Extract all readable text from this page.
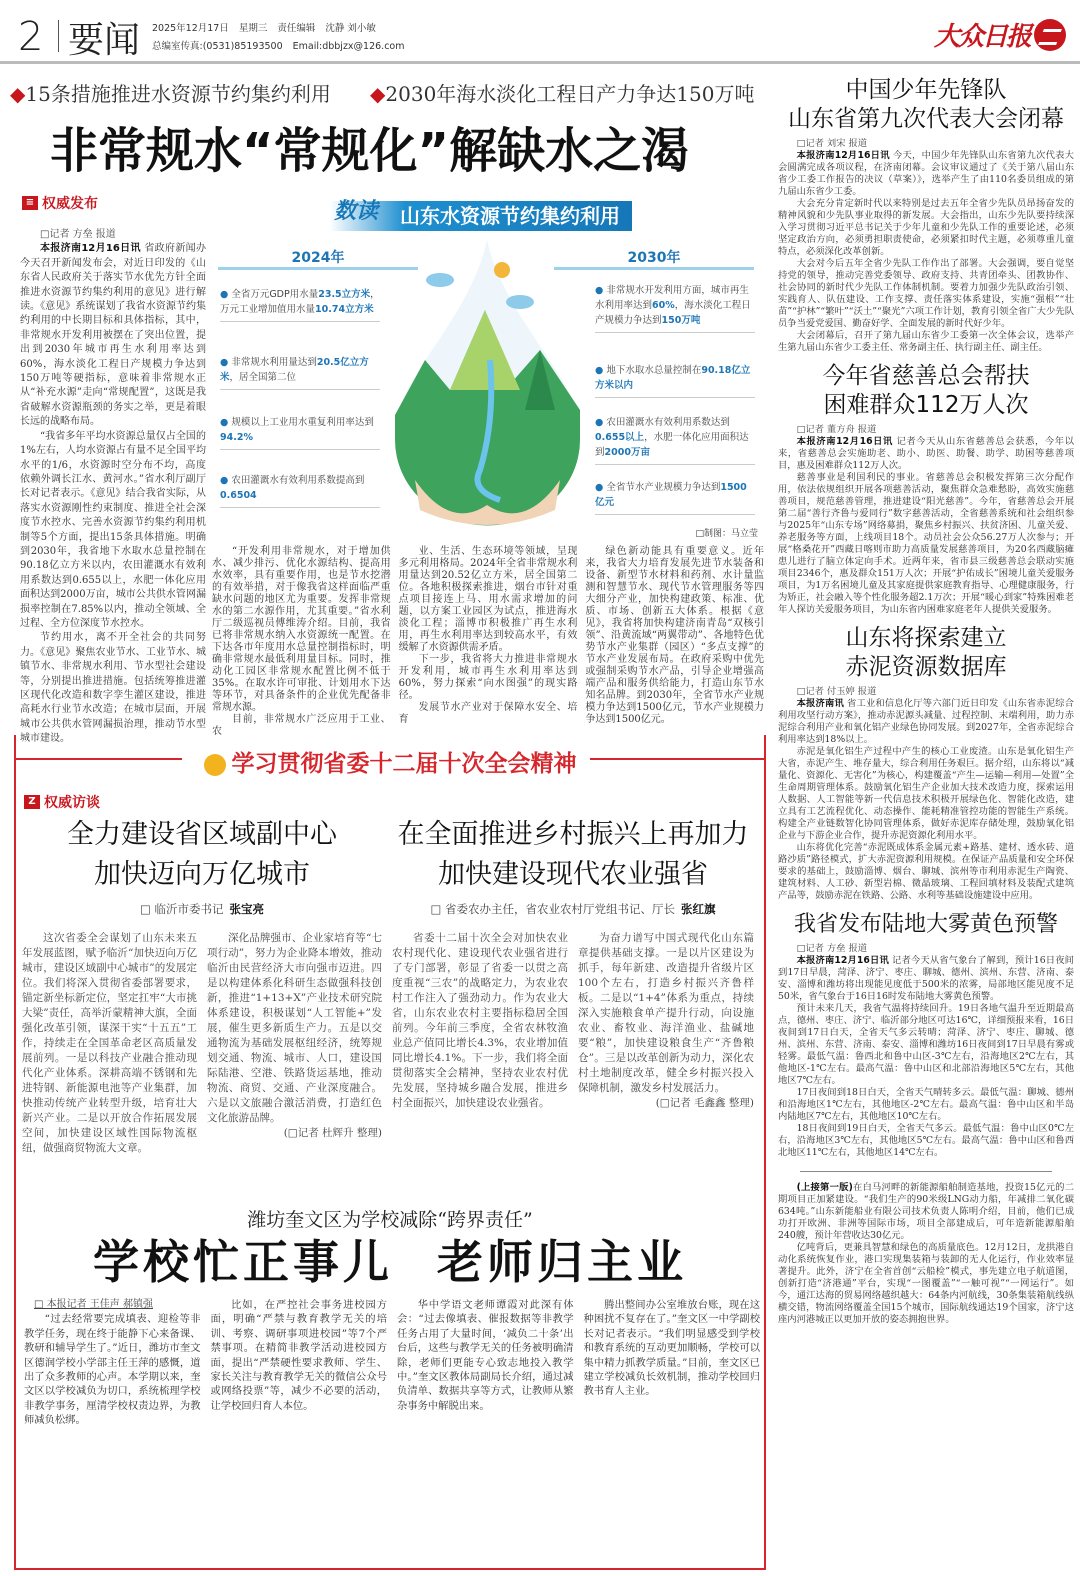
2 要闻 2025年12月17日 星期三 责任编辑 沈静 刘小敏
总编室传真:(0531)85193500 Email:dbbjzx@126.com	大众日报
◆15条措施推进水资源节约集约利用 ◆2030年海水淡化工程日产力争达150万吨
非常规水“常规化”解缺水之渴
≡ 权威发布
□记者 方垒 报道

本报济南12月16日讯 省政府新闻办今天召开新闻发布会，对近日印发的《山东省人民政府关于落实节水优先方针全面推进水资源节约集约利用的意见》进行解读。《意见》系统谋划了我省水资源节约集约利用的中长期目标和具体指标，其中，非常规水开发利用被摆在了突出位置，提出到2030年城市再生水利用率达到60%，海水淡化工程日产规模力争达到150万吨等硬指标，意味着非常规水正从“补充水源”走向“常规配置”，这既是我省破解水资源瓶颈的务实之举，更是着眼长远的战略布局。

“我省多年平均水资源总量仅占全国的1%左右，人均水资源占有量不足全国平均水平的1/6，水资源时空分布不均，高度依赖外调长江水、黄河水。”省水利厅副厅长对记者表示。《意见》结合我省实际，从落实水资源刚性约束制度、推进全社会深度节水控水、完善水资源节约集约利用机制等5个方面，提出15条具体措施。明确到2030年，我省地下水取水总量控制在90.18亿立方米以内，农田灌溉水有效利用系数达到0.655以上，水肥一体化应用面积达到2000万亩，城市公共供水管网漏损率控制在7.85%以内，推动全领域、全过程、全方位深度节水控水。

节约用水，离不开全社会的共同努力。《意见》聚焦农业节水、工业节水、城镇节水、非常规水利用、节水型社会建设等，分别提出推进措施。包括统筹推进灌区现代化改造和数字孪生灌区建设，推进高耗水行业节水改造；在城市层面，开展城市公共供水管网漏损治理，推动节水型城市建设。

数读 山东水资源节约集约利用
2024年	2030年
● 全省万元GDP用水量23.5立方米，万元工业增加值用水量10.74立方米
● 非常规水利用量达到20.5亿立方米，居全国第二位
● 规模以上工业用水重复利用率达到94.2%
● 农田灌溉水有效利用系数提高到0.6504
● 非常规水开发利用方面，城市再生水利用率达到60%，海水淡化工程日产规模力争达到150万吨
● 地下水取水总量控制在90.18亿立方米以内
● 农田灌溉水有效利用系数达到0.655以上，水肥一体化应用面积达到2000万亩
● 全省节水产业规模力争达到1500亿元
□制图：马立莹

“开发利用非常规水，对于增加供水、减少排污、优化水源结构、提高用水效率，具有重要作用，也是节水挖潜的有效举措，对于像我省这样面临严重缺水问题的地区尤为重要。发挥非常规水的第二水源作用，尤其重要。”省水利厅二级巡视员傅维涛介绍。目前，我省已将非常规水纳入水资源统一配置。在下达各市年度用水总量控制指标时，明确非常规水最低利用量目标。同时，推动化工园区非常规水配置比例不低于35%。在取水许可审批、计划用水下达等环节，对具备条件的企业优先配备非常规水源。

目前，非常规水广泛应用于工业、农

业、生活、生态环境等领域，呈现多元利用格局。2024年全省非常规水利用量达到20.52亿立方米，居全国第二位。各地积极探索推进，烟台市针对重点项目接连上马、用水需求增加的问题，以方案工业园区为试点，推进海水淡化工程；淄博市积极推广再生水利用，再生水利用率达到较高水平，有效缓解了水资源供需矛盾。

下一步，我省将大力推进非常规水开发利用，城市再生水利用率达到60%，努力探索“向水图强”的现实路径。

发展节水产业对于保障水安全、培育

绿色新动能具有重要意义。近年来，我省大力培育发展先进节水装备和设备、新型节水材料和药剂、水计量监测和智慧节水、现代节水管理服务等四大细分产业，加快构建政策、标准、优质、市场、创新五大体系。根据《意见》，我省将加快构建济南青岛“双核引领”、沿黄流域“两翼带动”、各地特色优势节水产业集群（园区）“多点支撑”的节水产业发展布局。在政府采购中优先或强制采购节水产品，引导企业增强高端产品和服务供给能力，打造山东节水知名品牌。到2030年，全省节水产业规模力争达到1500亿元，节水产业规模力争达到1500亿元。

学习贯彻省委十二届十次全会精神
Z 权威访谈
全力建设省区域副中心
加快迈向万亿城市
□ 临沂市委书记 张宝亮

这次省委全会谋划了山东未来五年发展蓝图，赋予临沂“加快迈向万亿城市，建设区域副中心城市”的发展定位。我们将深入贯彻省委部署要求，锚定新坐标新定位，坚定扛牢“大市挑大梁”责任，高举沂蒙精神大旗，全面强化改革引领，谋深干实“十五五”工作，持续走在全国革命老区高质量发展前列。一是以科技产业融合推动现代化产业体系。深耕高端不锈钢和先进特钢、新能源电池等产业集群，加快推动传统产业转型升级，培育壮大新兴产业。二是以开放合作拓展发展空间，加快建设区域性国际物流枢纽，做强商贸物流大文章。

深化品牌强市、企业家培育等“七项行动”，努力为企业降本增效，推动临沂由民营经济大市向强市迈进。四是以构建体系化科研生态做强科技创新，推进“1+13+X”产业技术研究院体系建设，积极谋划“人工智能+”发展，催生更多新质生产力。五是以交通物流为基础发展枢纽经济，统筹规划交通、物流、城市、人口，建设国际陆港、空港、铁路货运基地，推动物流、商贸、交通、产业深度融合。六是以文旅融合激活消费，打造红色文化旅游品牌。

(□记者 杜辉升 整理)
在全面推进乡村振兴上再加力
加快建设现代农业强省
□ 省委农办主任，省农业农村厅党组书记、厅长 张红旗

省委十二届十次全会对加快农业农村现代化、建设现代农业强省进行了专门部署，彰显了省委一以贯之高度重视“三农”的战略定力，为农业农村工作注入了强劲动力。作为农业大省，山东农业农村主要指标稳居全国前列。今年前三季度，全省农林牧渔业总产值同比增长4.3%，农业增加值同比增长4.1%。下一步，我们将全面贯彻落实全会精神，坚持农业农村优先发展，坚持城乡融合发展，推进乡村全面振兴，加快建设农业强省。

为奋力谱写中国式现代化山东篇章提供基础支撑。一是以片区建设为抓手，每年新建、改造提升省级片区100个左右，打造乡村振兴齐鲁样板。二是以“1+4”体系为重点，持续深入实施粮食单产提升行动，向设施农业、畜牧业、海洋渔业、盐碱地要“粮”，加快建设粮食生产“齐鲁粮仓”。三是以改革创新为动力，深化农村土地制度改革，健全乡村振兴投入保障机制，激发乡村发展活力。

(□记者 毛鑫鑫 整理)
潍坊奎文区为学校减除“跨界责任”
学校忙正事儿 老师归主业
□ 本报记者 王佳声 郝镇强

“过去经常要完成填表、迎检等非教学任务，现在终于能静下心来备课、教研和辅导学生了。”近日，潍坊市奎文区德润学校小学部主任王萍的感慨，道出了众多教师的心声。本学期以来，奎文区以学校减负为切口，系统梳理学校非教学事务，厘清学校权责边界，为教师减负松绑。

比如，在严控社会事务进校园方面，明确“严禁与教育教学无关的培训、考察、调研事项进校园”等7个严禁事项。在精简非教学活动进校园方面，提出“严禁硬性要求教师、学生、家长关注与教育教学无关的微信公众号或网络投票”等，减少不必要的活动，让学校回归育人本位。

华中学语文老师谭霞对此深有体会：“过去像填表、催报数据等非教学任务占用了大量时间，‘减负二十条’出台后，这些与教学无关的任务被明确清除，老师们更能专心致志地投入教学中。”奎文区教体局副局长介绍，通过减负清单、数据共享等方式，让教师从繁杂事务中解脱出来。

腾出整间办公室堆放台账，现在这种困扰不复存在了。”奎文区一中学副校长对记者表示。“我们明显感受到学校和教育系统的互动更加顺畅，学校可以集中精力抓教学质量。”目前，奎文区已建立学校减负长效机制，推动学校回归教书育人主业。

中国少年先锋队
山东省第九次代表大会闭幕
□记者 刘宋 报道

本报济南12月16日讯 今天，中国少年先锋队山东省第九次代表大会圆满完成各项议程，在济南闭幕。会议审议通过了《关于第八届山东省少工委工作报告的决议（草案）》，选举产生了由110名委员组成的第九届山东省少工委。

大会充分肯定新时代以来特别是过去五年全省少先队员昂扬奋发的精神风貌和少先队事业取得的新发展。大会指出，山东少先队要持续深入学习贯彻习近平总书记关于少年儿童和少先队工作的重要论述，必须坚定政治方向，必须勇担职责使命，必须紧扣时代主题，必须尊重儿童特点，必须深化改革创新。

大会对今后五年全省少先队工作作出了部署。大会强调，要自觉坚持党的领导，推动完善党委领导、政府支持、共青团牵头、团教协作、社会协同的新时代少先队工作体制机制。要着力加强少先队政治引领、实践育人、队伍建设、工作支撑、责任落实体系建设，实施“强根”“壮苗”“护林”“繁叶”“沃土”“聚光”六项工作计划，教育引领全省广大少先队员争当爱党爱国、勤奋好学、全面发展的新时代好少年。

大会闭幕后，召开了第九届山东省少工委第一次全体会议，选举产生第九届山东省少工委主任、常务副主任、执行副主任、副主任。

今年省慈善总会帮扶
困难群众112万人次
□记者 董方舟 报道

本报济南12月16日讯 记者今天从山东省慈善总会获悉，今年以来，省慈善总会实施助老、助小、助医、助餐、助学、助困等慈善项目，惠及困难群众112万人次。

慈善事业是利国利民的事业。省慈善总会积极发挥第三次分配作用，依法依规组织开展各项慈善活动，聚焦群众急难愁盼，高效实施慈善项目，规范慈善管理，推进建设“阳光慈善”。今年，省慈善总会开展第二届“善行齐鲁与爱同行”数字慈善活动，全省慈善系统和社会组织参与2025年“山东专场”网络募捐，聚焦乡村振兴、扶贫济困、儿童关爱、养老服务等方面，上线项目18个。动员社会公众56.27万人次参与；开展“格桑花开”西藏日喀则市助力高质量发展慈善项目，为20名西藏脑瘫患儿进行了脑立体定向手术。近两年来，省市县三级慈善总会联动实施项目2346个，惠及群众151万人次；开展“护佑成长”困境儿童关爱服务项目，为1万名困境儿童及其家庭提供家庭教育指导、心理健康服务，行为矫正，社会融入等个性化服务超2.1万次；开展“暖心到家”特殊困难老年人探访关爱服务项目，为山东省内困难家庭老年人提供关爱服务。

山东将探索建立
赤泥资源数据库
□记者 付玉婷 报道

本报济南讯 省工业和信息化厅等六部门近日印发《山东省赤泥综合利用攻坚行动方案》，推动赤泥源头减量、过程控制、末端利用，助力赤泥综合利用产业和氧化铝产业绿色协同发展。到2027年，全省赤泥综合利用率达到18%以上。

赤泥是氧化铝生产过程中产生的核心工业废渣。山东是氧化铝生产大省，赤泥产生、堆存量大，综合利用任务艰巨。据介绍，山东将以“减量化、资源化、无害化”为核心，构建覆盖“产生—运输—利用—处置”全生命周期管理体系。鼓励氧化铝生产企业加大技术改造力度，探索运用人数据、人工智能等新一代信息技术积极开展绿色化、智能化改造，建立具有工艺流程优化、动态操作、能耗精准管控功能的智能生产系统。构建全产业链数智化协同管理体系，做好赤泥库存储处理，鼓励氧化铝企业与下游企业合作，提升赤泥资源化利用水平。

山东将优化完善“赤泥既成体系金属元素+路基、建材、透水砖、道路沙质”路径模式，扩大赤泥资源利用规模。在保证产品质量和安全环保要求的基础上，鼓励淄博、烟台、聊城、滨州等市利用赤泥生产陶瓷、建筑材料、人工砂、新型岩棉、微晶玻璃、工程回填材料及装配式建筑产品等，鼓励赤泥在铁路、公路、水利等基础设施建设中应用。

我省发布陆地大雾黄色预警
□记者 方垒 报道

本报济南12月16日讯 记者今天从省气象台了解到，预计16日夜间到17日早晨，菏泽、济宁、枣庄、聊城、德州、滨州、东营、济南、泰安、淄博和潍坊将出现能见度低于500米的浓雾，局部地区能见度不足50米，省气象台于16日16时发布陆地大雾黄色预警。

预计未来几天，我省气温将持续回升。19日各地气温升至近期最高点，德州、枣庄、济宁、临沂部分地区可达16℃，详细预报来看，16日夜间到17日白天，全省天气多云转晴；菏泽、济宁、枣庄、聊城、德州、滨州、东营、济南、泰安、淄博和潍坊16日夜间到17日早晨有雾或轻雾。最低气温：鲁西北和鲁中山区-3℃左右，沿海地区2℃左右，其他地区-1℃左右。最高气温：鲁中山区和北部沿海地区5℃左右，其他地区7℃左右。

17日夜间到18日白天，全省天气晴转多云。最低气温：聊城、德州和沿海地区1℃左右，其他地区-2℃左右。最高气温：鲁中山区和半岛内陆地区7℃左右，其他地区10℃左右。

18日夜间到19日白天，全省天气多云。最低气温：鲁中山区0℃左右，沿海地区3℃左右，其他地区5℃左右。最高气温：鲁中山区和鲁西北地区11℃左右，其他地区14℃左右。

(上接第一版)在白马河畔的新能源船舶制造基地，投资15亿元的二期项目正加紧建设。“我们生产的90米级LNG动力船，年减排二氧化碳634吨。”山东新能船业有限公司技术负责人陈明介绍，目前，他们已成功打开欧洲、非洲等国际市场，项目全部建成后，可年造新能源船舶240艘，预计年营收达30亿元。

亿吨背后，更兼具智慧和绿色的高质量底色。12月12日，龙拱港自动化系统恢复作业，港口实现集装箱与装卸的无人化运行，作业效率显著提升。此外，济宁在全省首创“云船检”模式，事先建立电子航道图，创新打造“济港通”平台，实现“一图覆盖”“一触可视”“一网运行”。如今，通江达海的贸易网络越织越大：64条内河航线，30条集装箱航线纵横交错，物流网络覆盖全国15个城市，国际航线通达19个国家，济宁这座内河港城正以更加开放的姿态拥抱世界。
